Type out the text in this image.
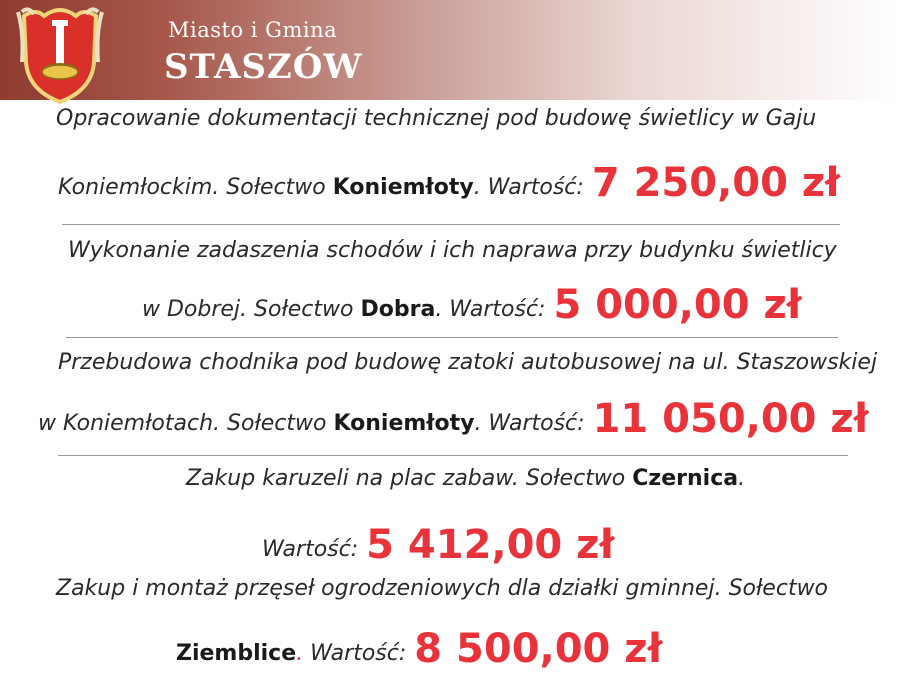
Miasto i Gmina
STASZÓW
Opracowanie dokumentacji technicznej pod budowę świetlicy w Gaju
Koniemłockim. Sołectwo Koniemłoty. Wartość: 7 250,00 zł
Wykonanie zadaszenia schodów i ich naprawa przy budynku świetlicy
w Dobrej. Sołectwo Dobra. Wartość: 5 000,00 zł
Przebudowa chodnika pod budowę zatoki autobusowej na ul. Staszowskiej
w Koniemłotach. Sołectwo Koniemłoty. Wartość: 11 050,00 zł
Zakup karuzeli na plac zabaw. Sołectwo Czernica.
Wartość: 5 412,00 zł
Zakup i montaż przęseł ogrodzeniowych dla działki gminnej. Sołectwo
Ziemblice. Wartość: 8 500,00 zł
